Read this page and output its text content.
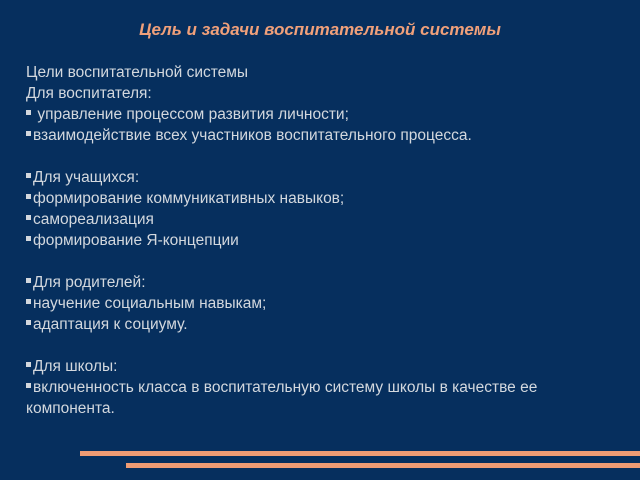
Цель и задачи воспитательной системы

Цели воспитательной системы

Для воспитателя:

управление процессом развития личности;

взаимодействие всех участников воспитательного процесса.

Для учащихся:

формирование коммуникативных навыков;

самореализация

формирование Я-концепции

Для родителей:

научение социальным навыкам;

адаптация к социуму.

Для школы:

включенность класса в воспитательную систему школы в качестве ее компонента.
